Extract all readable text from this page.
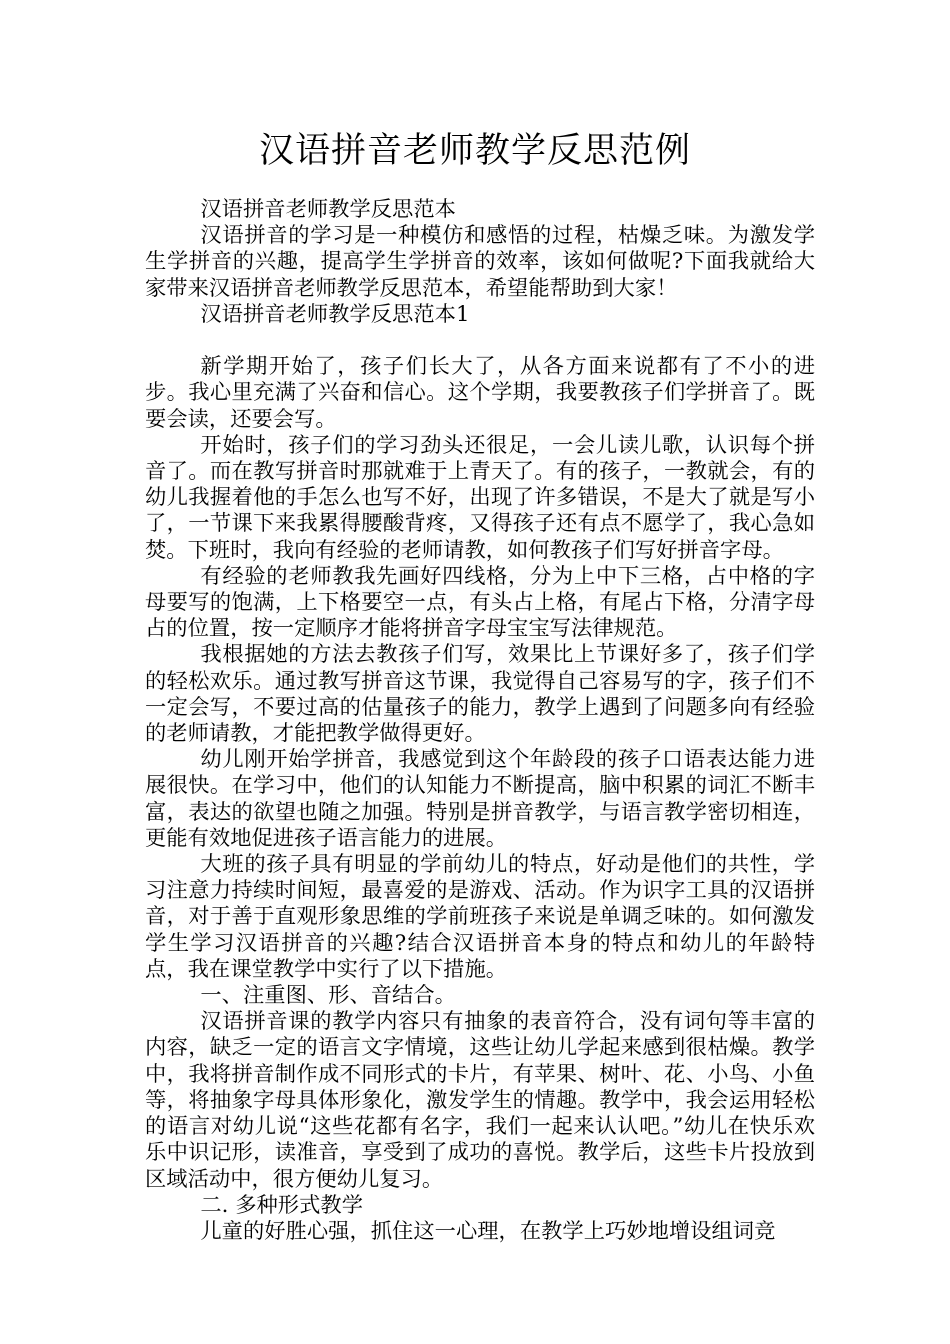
汉语拼音老师教学反思范例

汉语拼音老师教学反思范本

汉语拼音的学习是一种模仿和感悟的过程，枯燥乏味。为激发学生学拼音的兴趣，提高学生学拼音的效率，该如何做呢?下面我就给大家带来汉语拼音老师教学反思范本，希望能帮助到大家！

汉语拼音老师教学反思范本1

新学期开始了，孩子们长大了，从各方面来说都有了不小的进步。我心里充满了兴奋和信心。这个学期，我要教孩子们学拼音了。既要会读，还要会写。

开始时，孩子们的学习劲头还很足，一会儿读儿歌，认识每个拼音了。而在教写拼音时那就难于上青天了。有的孩子，一教就会，有的幼儿我握着他的手怎么也写不好，出现了许多错误，不是大了就是写小了，一节课下来我累得腰酸背疼，又得孩子还有点不愿学了，我心急如焚。下班时，我向有经验的老师请教，如何教孩子们写好拼音字母。

有经验的老师教我先画好四线格，分为上中下三格，占中格的字母要写的饱满，上下格要空一点，有头占上格，有尾占下格，分清字母占的位置，按一定顺序才能将拼音字母宝宝写法律规范。

我根据她的方法去教孩子们写，效果比上节课好多了，孩子们学的轻松欢乐。通过教写拼音这节课，我觉得自己容易写的字，孩子们不一定会写，不要过高的估量孩子的能力，教学上遇到了问题多向有经验的老师请教，才能把教学做得更好。

幼儿刚开始学拼音，我感觉到这个年龄段的孩子口语表达能力进展很快。在学习中，他们的认知能力不断提高，脑中积累的词汇不断丰富，表达的欲望也随之加强。特别是拼音教学，与语言教学密切相连，更能有效地促进孩子语言能力的进展。

大班的孩子具有明显的学前幼儿的特点，好动是他们的共性，学习注意力持续时间短，最喜爱的是游戏、活动。作为识字工具的汉语拼音，对于善于直观形象思维的学前班孩子来说是单调乏味的。如何激发学生学习汉语拼音的兴趣?结合汉语拼音本身的特点和幼儿的年龄特点，我在课堂教学中实行了以下措施。

一、注重图、形、音结合。

汉语拼音课的教学内容只有抽象的表音符合，没有词句等丰富的内容，缺乏一定的语言文字情境，这些让幼儿学起来感到很枯燥。教学中，我将拼音制作成不同形式的卡片，有苹果、树叶、花、小鸟、小鱼等，将抽象字母具体形象化，激发学生的情趣。教学中，我会运用轻松的语言对幼儿说“这些花都有名字，我们一起来认认吧。”幼儿在快乐欢乐中识记形，读准音，享受到了成功的喜悦。教学后，这些卡片投放到区域活动中，很方便幼儿复习。

二. 多种形式教学

儿童的好胜心强，抓住这一心理，在教学上巧妙地增设组词竞
